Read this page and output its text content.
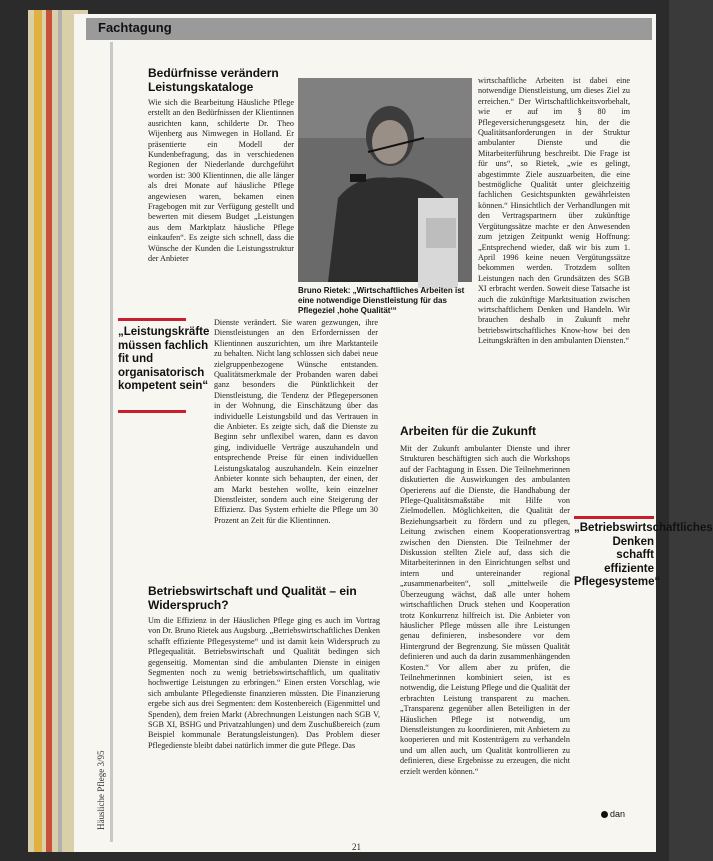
Fachtagung
Häusliche Pflege 3/95
Bedürfnisse verändern Leistungskataloge
Wie sich die Bearbeitung Häusliche Pflege erstellt an den Bedürfnissen der Klientinnen ausrichten kann, schilderte Dr. Theo Wijenberg aus Nimwegen in Holland. Er präsentierte ein Modell der Kundenbefragung, das in verschiedenen Regionen der Niederlande durchgeführt worden ist: 300 Klientinnen, die alle länger als drei Monate auf häusliche Pflege angewiesen waren, bekamen einen Fragebogen mit zur Verfügung gestellt und bewerten mit diesem Budget „Leistungen aus dem Marktplatz häusliche Pflege einkaufen“. Es zeigte sich schnell, dass die Wünsche der Kunden die Leistungsstruktur der Anbieter
Dienste verändert. Sie waren gezwungen, ihre Dienstleistungen an den Erfordernissen der Klientinnen auszurichten, um ihre Marktanteile zu behalten. Nicht lang schlossen sich dabei neue zielgruppenbezogene Wünsche entstanden. Qualitätsmerkmale der Probanden waren dabei ganz besonders die Pünktlichkeit der Dienstleistung, die Tendenz der Pflegepersonen in der Wohnung, die Einschätzung über das individuelle Leistungsbild und das Vertrauen in die Anbieter. Es zeigte sich, daß die Dienste zu Beginn sehr unflexibel waren, dann es davon ging, individuelle Verträge auszuhandeln und entsprechende Preise für einen individuellen Leistungskatalog auszuhandeln. Kein einzelner Anbieter konnte sich behaupten, der einen, der am Markt bestehen wollte, kein einzelner Dienstleister, sondern auch eine Steigerung der Effizienz. Das System erhielte die Pflege um 30 Prozent an Zeit für die Klientinnen.
„Leistungskräfte müssen fachlich fit und organisatorisch kompetent sein“
Betriebswirtschaft und Qualität – ein Widerspruch?
Um die Effizienz in der Häuslichen Pflege ging es auch im Vortrag von Dr. Bruno Rietek aus Augsburg. „Betriebswirtschaftliches Denken schafft effiziente Pflegesysteme“ und ist damit kein Widerspruch zu Pflegequalität. Betriebswirtschaft und Qualität bedingen sich gegenseitig. Momentan sind die ambulanten Dienste in einigen Segmenten noch zu wenig betriebswirtschaftlich, um qualitativ hochwertige Leistungen zu erbringen.“ Einen ersten Vorschlag, wie sich ambulante Pflegedienste finanzieren müssten. Die Finanzierung ergebe sich aus drei Segmenten: dem Kostenbereich (Eigenmittel und Spenden), dem freien Markt (Abrechnungen Leistungen nach SGB V, SGB XI, BSHG und Privatzahlungen) und dem Zuschußbereich (zum Beispiel kommunale Beratungsleistungen). Das Problem dieser Pflegedienste bleibt dabei natürlich immer die gute Pflege. Das
Bruno Rietek: „Wirtschaftliches Arbeiten ist eine notwendige Dienstleistung für das Pflegeziel ‚hohe Qualität‘“
wirtschaftliche Arbeiten ist dabei eine notwendige Dienstleistung, um dieses Ziel zu erreichen.“ Der Wirtschaftlichkeitsvorbehalt, wie er auf im § 80 im Pflegeversicherungsgesetz hin, der die Qualitätsanforderungen in der Struktur ambulanter Dienste und die Mitarbeiterführung beschreibt. Die Frage ist für uns“, so Rietek, „wie es gelingt, abgestimmte Ziele auszuarbeiten, die eine bestmögliche Qualität unter gleichzeitig fachlichen Gesichtspunkten gewährleisten können.“ Hinsichtlich der Verhandlungen mit den Vertragspartnern über zukünftige Vergütungssätze machte er den Anwesenden zum jetzigen Zeitpunkt wenig Hoffnung: „Entsprechend wieder, daß wir bis zum 1. April 1996 keine neuen Vergütungssätze bekommen werden. Trotzdem sollten Leistungen nach den Grundsätzen des SGB XI erbracht werden. Soweit diese Tatsache ist auch die zukünftige Marktsituation zwischen wirtschaftlichem Denken und Handeln. Wir brauchen deshalb in Zukunft mehr betriebswirtschaftliches Know-how bei den Leitungskräften in den ambulanten Diensten.“
Arbeiten für die Zukunft
Mit der Zukunft ambulanter Dienste und ihrer Strukturen beschäftigten sich auch die Workshops auf der Fachtagung in Essen. Die Teilnehmerinnen diskutierten die Auswirkungen des ambulanten Operierens auf die Dienste, die Handhabung der Pflege-Qualitätsmaßstäbe mit Hilfe von Zielmodellen. Möglichkeiten, die Qualität der Beziehungsarbeit zu fördern und zu pflegen, Leitung zwischen einem Kooperationsvertrag zwischen den Diensten. Die Teilnehmer der Diskussion stellten Ziele auf, dass sich die Mitarbeiterinnen in den Einrichtungen selbst und intern und untereinander regional „zusammenarbeiten“, soll „mittelweile die Überzeugung wächst, daß alle unter hohem wirtschaftlichen Druck stehen und Kooperation trotz Konkurrenz hilfreich ist. Die Anbieter von häuslicher Pflege müssen alle ihre Leistungen genau definieren, insbesondere vor dem Hintergrund der Begrenzung. Sie müssen Qualität definieren und auch da darin zusammenhängenden Kosten.“ Vor allem aber zu prüfen, die Teilnehmerinnen kombiniert seien, ist es notwendig, die Leistung Pflege und die Qualität der erbrachten Leistung transparent zu machen. „Transparenz gegenüber allen Beteiligten in der Häuslichen Pflege ist notwendig, um Dienstleistungen zu koordinieren, mit Anbietern zu kooperieren und mit Kostenträgern zu verhandeln und um allen auch, um Qualität kontrollieren zu definieren, diese Ergebnisse zu erzeugen, die nicht erzielt werden können.“
„Betriebswirtschaftliches Denken schafft effiziente Pflegesysteme“
dan
21
